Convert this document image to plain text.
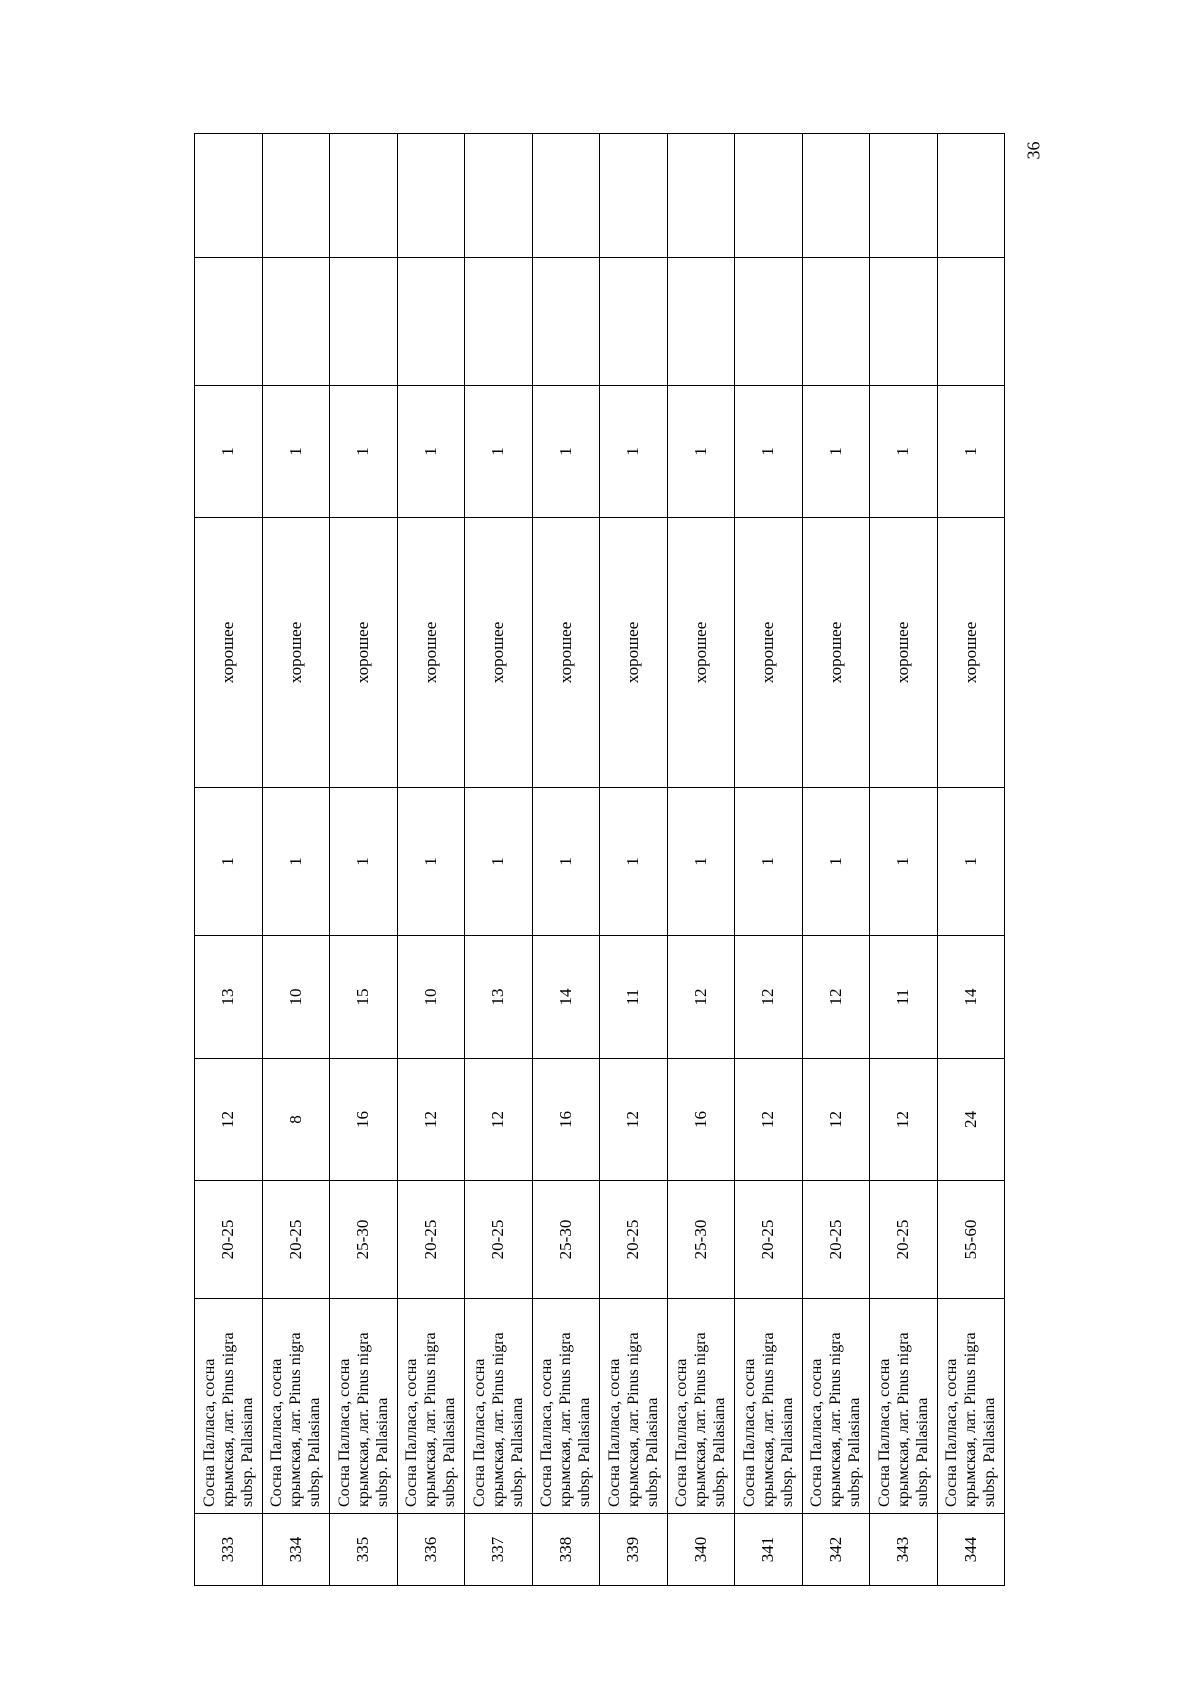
36
333	Сосна Палласа, сосна крымская, лат. Pinus nigra subsp. Pallasiana	20-25	12	13	1	хорошее	1		
334	Сосна Палласа, сосна крымская, лат. Pinus nigra subsp. Pallasiana	20-25	8	10	1	хорошее	1		
335	Сосна Палласа, сосна крымская, лат. Pinus nigra subsp. Pallasiana	25-30	16	15	1	хорошее	1		
336	Сосна Палласа, сосна крымская, лат. Pinus nigra subsp. Pallasiana	20-25	12	10	1	хорошее	1		
337	Сосна Палласа, сосна крымская, лат. Pinus nigra subsp. Pallasiana	20-25	12	13	1	хорошее	1		
338	Сосна Палласа, сосна крымская, лат. Pinus nigra subsp. Pallasiana	25-30	16	14	1	хорошее	1		
339	Сосна Палласа, сосна крымская, лат. Pinus nigra subsp. Pallasiana	20-25	12	11	1	хорошее	1		
340	Сосна Палласа, сосна крымская, лат. Pinus nigra subsp. Pallasiana	25-30	16	12	1	хорошее	1		
341	Сосна Палласа, сосна крымская, лат. Pinus nigra subsp. Pallasiana	20-25	12	12	1	хорошее	1		
342	Сосна Палласа, сосна крымская, лат. Pinus nigra subsp. Pallasiana	20-25	12	12	1	хорошее	1		
343	Сосна Палласа, сосна крымская, лат. Pinus nigra subsp. Pallasiana	20-25	12	11	1	хорошее	1		
344	Сосна Палласа, сосна крымская, лат. Pinus nigra subsp. Pallasiana	55-60	24	14	1	хорошее	1		
